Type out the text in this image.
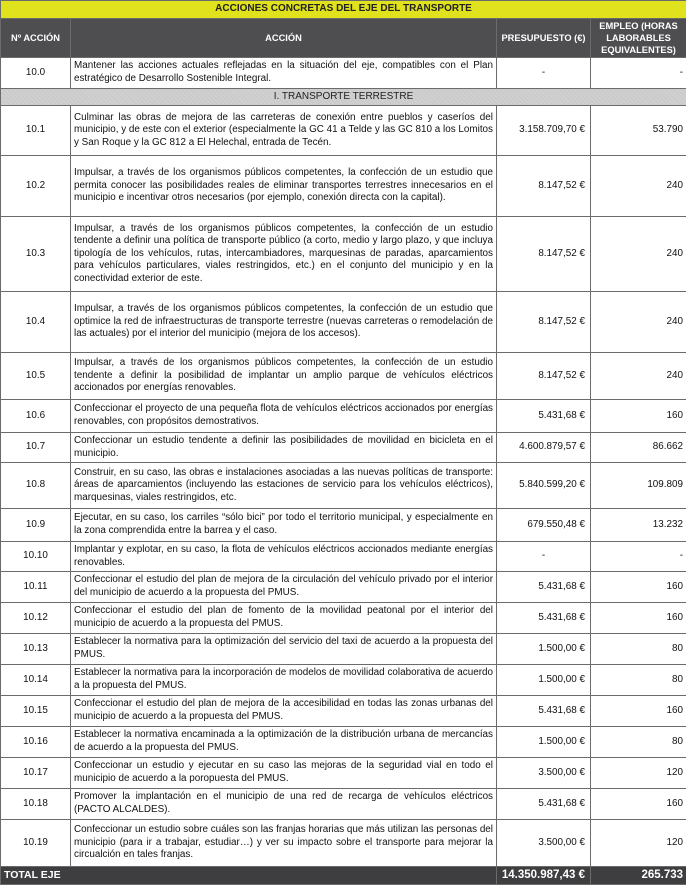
ACCIONES CONCRETAS DEL EJE DEL TRANSPORTE			
Nº ACCIÓN	ACCIÓN	PRESUPUESTO (€)	EMPLEO (HORAS LABORABLES EQUIVALENTES)
10.0	Mantener las acciones actuales reflejadas en la situación del eje, compatibles con el Plan estratégico de Desarrollo Sostenible Integral.	-	-
I. TRANSPORTE TERRESTRE			
10.1	Culminar las obras de mejora de las carreteras de conexión entre pueblos y caseríos del municipio, y de este con el exterior (especialmente la GC 41 a Telde y las GC 810 a los Lomitos y San Roque y la GC 812 a El Helechal, entrada de Tecén.	3.158.709,70 €	53.790
10.2	Impulsar, a través de los organismos públicos competentes, la confección de un estudio que permita conocer las posibilidades reales de eliminar transportes terrestres innecesarios en el municipio e incentivar otros necesarios (por ejemplo, conexión directa con la capital).	8.147,52 €	240
10.3	Impulsar, a través de los organismos públicos competentes, la confección de un estudio tendente a definir una política de transporte público (a corto, medio y largo plazo, y que incluya tipología de los vehículos, rutas, intercambiadores, marquesinas de paradas, aparcamientos para vehículos particulares, viales restringidos, etc.) en el conjunto del municipio y en la conectividad exterior de este.	8.147,52 €	240
10.4	Impulsar, a través de los organismos públicos competentes, la confección de un estudio que optimice la red de infraestructuras de transporte terrestre (nuevas carreteras o remodelación de las actuales) por el interior del municipio (mejora de los accesos).	8.147,52 €	240
10.5	Impulsar, a través de los organismos públicos competentes, la confección de un estudio tendente a definir la posibilidad de implantar un amplio parque de vehículos eléctricos accionados por energías renovables.	8.147,52 €	240
10.6	Confeccionar el proyecto de una pequeña flota de vehículos eléctricos accionados por energías renovables, con propósitos demostrativos.	5.431,68 €	160
10.7	Confeccionar un estudio tendente a definir las posibilidades de movilidad en bicicleta en el municipio.	4.600.879,57 €	86.662
10.8	Construir, en su caso, las obras e instalaciones asociadas a las nuevas políticas de transporte: áreas de aparcamientos (incluyendo las estaciones de servicio para los vehículos eléctricos), marquesinas, viales restringidos, etc.	5.840.599,20 €	109.809
10.9	Ejecutar, en su caso, los carriles “sólo bici” por todo el territorio municipal, y especialmente en la zona comprendida entre la barrea y el caso.	679.550,48 €	13.232
10.10	Implantar y explotar, en su caso, la flota de vehículos eléctricos accionados mediante energías renovables.	-	-
10.11	Confeccionar el estudio del plan de mejora de la circulación del vehículo privado por el interior del municipio de acuerdo a la propuesta del PMUS.	5.431,68 €	160
10.12	Confeccionar el estudio del plan de fomento de la movilidad peatonal por el interior del municipio de acuerdo a la propuesta del PMUS.	5.431,68 €	160
10.13	Establecer la normativa para la optimización del servicio del taxi de acuerdo a la propuesta del PMUS.	1.500,00 €	80
10.14	Establecer la normativa para la incorporación de modelos de movilidad colaborativa de acuerdo a la propuesta del PMUS.	1.500,00 €	80
10.15	Confeccionar el estudio del plan de mejora de la accesibilidad en todas las zonas urbanas del municipio de acuerdo a la propuesta del PMUS.	5.431,68 €	160
10.16	Establecer la normativa encaminada a la optimización de la distribución urbana de mercancías de acuerdo a la propuesta del PMUS.	1.500,00 €	80
10.17	Confeccionar un estudio y ejecutar en su caso las mejoras de la seguridad vial en todo el municipio de acuerdo a la poropuesta del PMUS.	3.500,00 €	120
10.18	Promover la implantación en el municipio de una red de recarga de vehículos eléctricos (PACTO ALCALDES).	5.431,68 €	160
10.19	Confeccionar un estudio sobre cuáles son las franjas horarias que más utilizan las personas del municipio (para ir a trabajar, estudiar…) y ver su impacto sobre el transporte para mejorar la circualción en tales franjas.	3.500,00 €	120
TOTAL EJE		14.350.987,43 €	265.733
